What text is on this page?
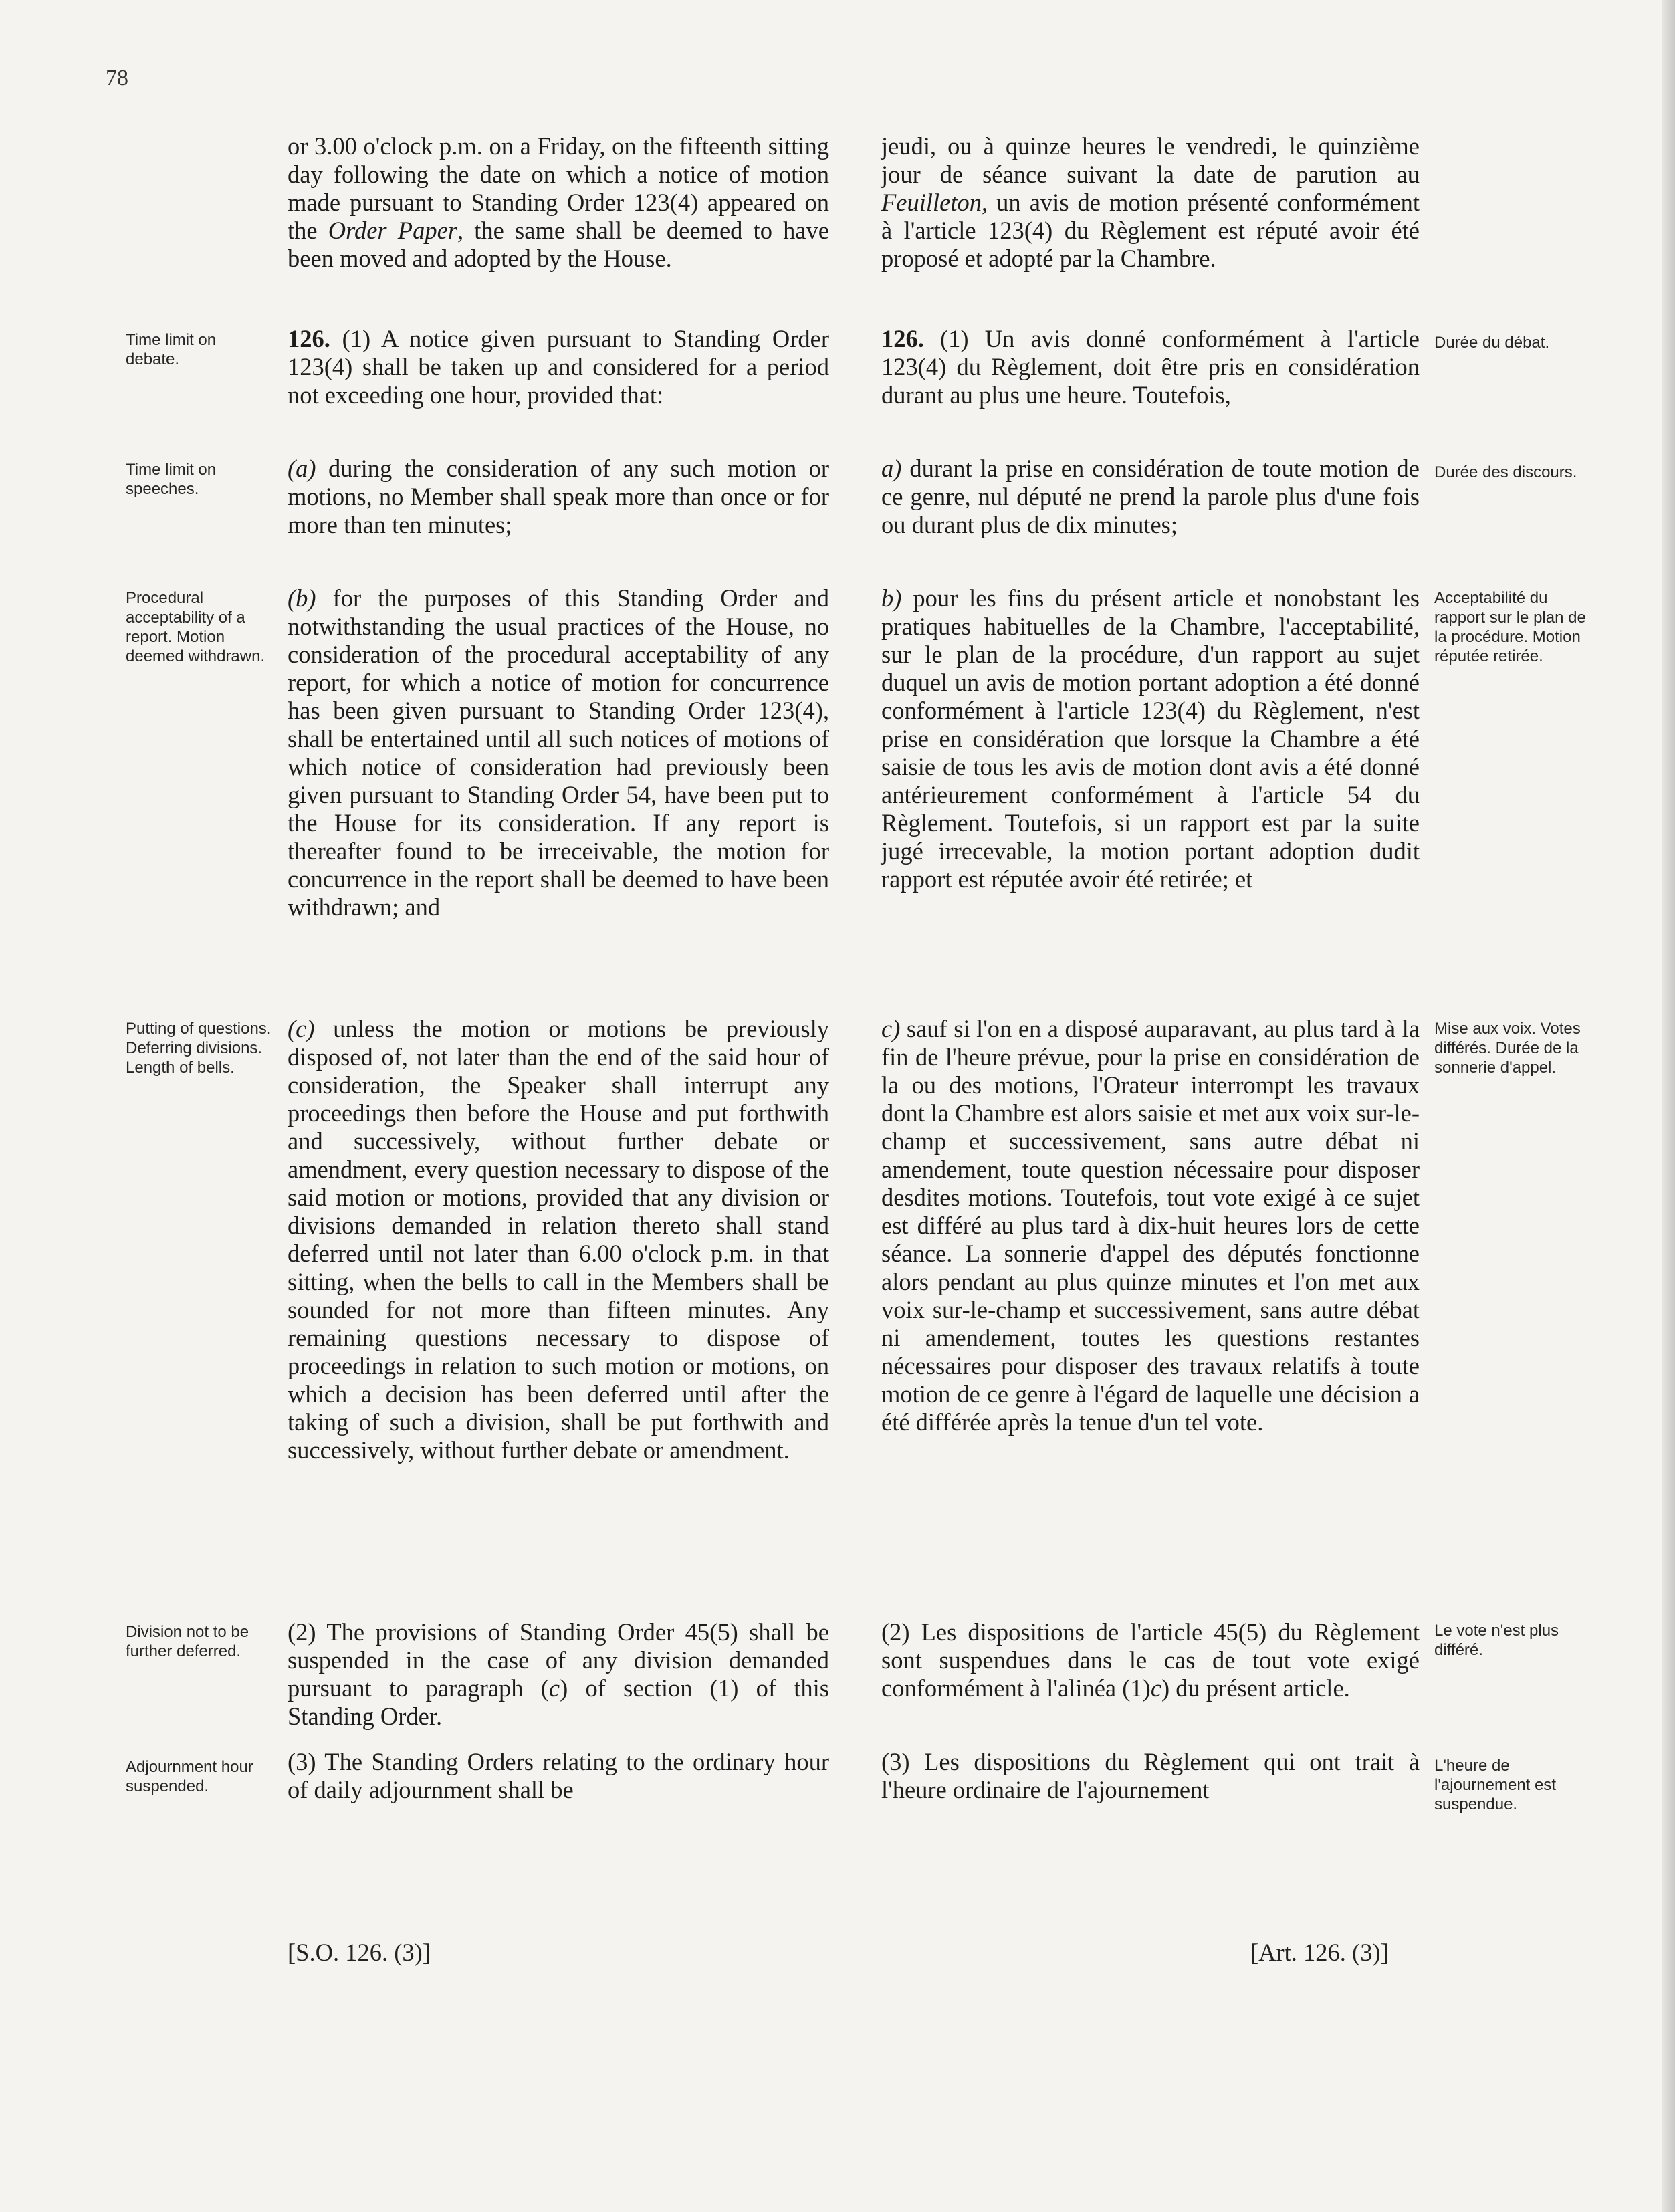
78

or 3.00 o'clock p.m. on a Friday, on the fifteenth sitting day following the date on which a notice of motion made pursuant to Standing Order 123(4) appeared on the Order Paper, the same shall be deemed to have been moved and adopted by the House.

126. (1) A notice given pursuant to Standing Order 123(4) shall be taken up and considered for a period not exceeding one hour, provided that:

(a) during the consideration of any such motion or motions, no Member shall speak more than once or for more than ten minutes;

(b) for the purposes of this Standing Order and notwithstanding the usual practices of the House, no consideration of the procedural acceptability of any report, for which a notice of motion for concurrence has been given pursuant to Standing Order 123(4), shall be entertained until all such notices of motions of which notice of consideration had previously been given pursuant to Standing Order 54, have been put to the House for its consideration. If any report is thereafter found to be irreceivable, the motion for concurrence in the report shall be deemed to have been withdrawn; and

(c) unless the motion or motions be previously disposed of, not later than the end of the said hour of consideration, the Speaker shall interrupt any proceedings then before the House and put forthwith and successively, without further debate or amendment, every question necessary to dispose of the said motion or motions, provided that any division or divisions demanded in relation thereto shall stand deferred until not later than 6.00 o'clock p.m. in that sitting, when the bells to call in the Members shall be sounded for not more than fifteen minutes. Any remaining questions necessary to dispose of proceedings in relation to such motion or motions, on which a decision has been deferred until after the taking of such a division, shall be put forthwith and successively, without further debate or amendment.

(2) The provisions of Standing Order 45(5) shall be suspended in the case of any division demanded pursuant to paragraph (c) of section (1) of this Standing Order.

(3) The Standing Orders relating to the ordinary hour of daily adjournment shall be

jeudi, ou à quinze heures le vendredi, le quinzième jour de séance suivant la date de parution au Feuilleton, un avis de motion présenté conformément à l'article 123(4) du Règlement est réputé avoir été proposé et adopté par la Chambre.

126. (1) Un avis donné conformément à l'article 123(4) du Règlement, doit être pris en considération durant au plus une heure. Toutefois,

a) durant la prise en considération de toute motion de ce genre, nul député ne prend la parole plus d'une fois ou durant plus de dix minutes;

b) pour les fins du présent article et nonobstant les pratiques habituelles de la Chambre, l'acceptabilité, sur le plan de la procédure, d'un rapport au sujet duquel un avis de motion portant adoption a été donné conformément à l'article 123(4) du Règlement, n'est prise en considération que lorsque la Chambre a été saisie de tous les avis de motion dont avis a été donné antérieurement conformément à l'article 54 du Règlement. Toutefois, si un rapport est par la suite jugé irrecevable, la motion portant adoption dudit rapport est réputée avoir été retirée; et

c) sauf si l'on en a disposé auparavant, au plus tard à la fin de l'heure prévue, pour la prise en considération de la ou des motions, l'Orateur interrompt les travaux dont la Chambre est alors saisie et met aux voix sur-le-champ et successivement, sans autre débat ni amendement, toute question nécessaire pour disposer desdites motions. Toutefois, tout vote exigé à ce sujet est différé au plus tard à dix-huit heures lors de cette séance. La sonnerie d'appel des députés fonctionne alors pendant au plus quinze minutes et l'on met aux voix sur-le-champ et successivement, sans autre débat ni amendement, toutes les questions restantes nécessaires pour disposer des travaux relatifs à toute motion de ce genre à l'égard de laquelle une décision a été différée après la tenue d'un tel vote.

(2) Les dispositions de l'article 45(5) du Règlement sont suspendues dans le cas de tout vote exigé conformément à l'alinéa (1)c) du présent article.

(3) Les dispositions du Règlement qui ont trait à l'heure ordinaire de l'ajournement

Time limit on debate.
Time limit on speeches.
Procedural acceptability of a report. Motion deemed withdrawn.
Putting of questions. Deferring divisions. Length of bells.
Division not to be further deferred.
Adjournment hour suspended.
Durée du débat.
Durée des discours.
Acceptabilité du rapport sur le plan de la procédure. Motion réputée retirée.
Mise aux voix. Votes différés. Durée de la sonnerie d'appel.
Le vote n'est plus différé.
L'heure de l'ajournement est suspendue.
[S.O. 126. (3)]	[Art. 126. (3)]
